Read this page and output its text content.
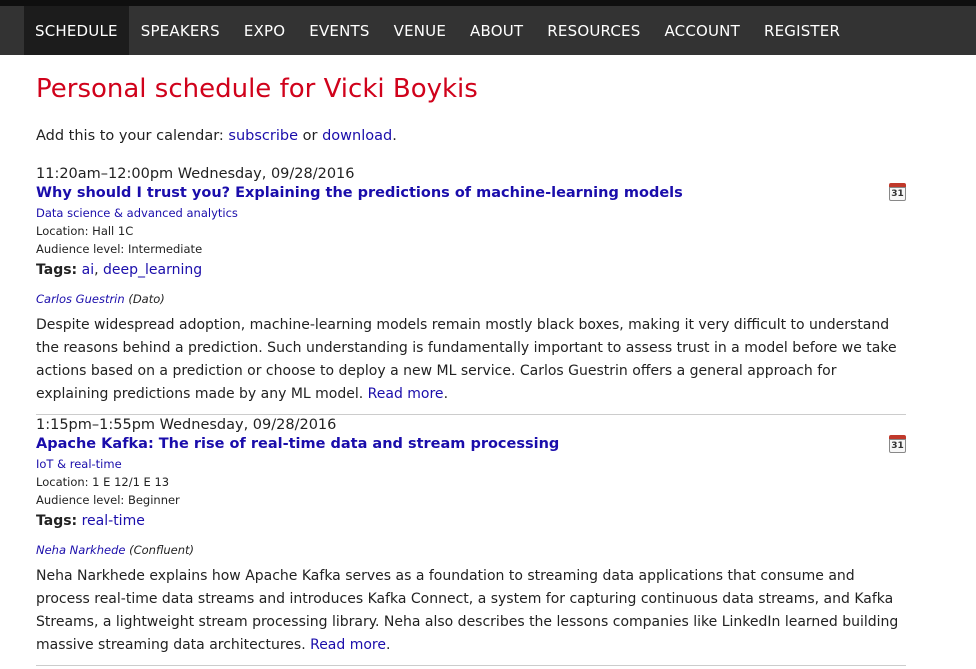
SCHEDULE	SPEAKERS	EXPO	EVENTS	VENUE	ABOUT	RESOURCES	ACCOUNT	REGISTER
Personal schedule for Vicki Boykis
Add this to your calendar: subscribe or download.
11:20am–12:00pm Wednesday, 09/28/2016
Why should I trust you? Explaining the predictions of machine-learning models
Data science & advanced analytics
Location: Hall 1C
Audience level: Intermediate
Tags: ai, deep_learning
Carlos Guestrin (Dato)
Despite widespread adoption, machine-learning models remain mostly black boxes, making it very difficult to understand the reasons behind a prediction. Such understanding is fundamentally important to assess trust in a model before we take actions based on a prediction or choose to deploy a new ML service. Carlos Guestrin offers a general approach for explaining predictions made by any ML model. Read more.
31
1:15pm–1:55pm Wednesday, 09/28/2016
Apache Kafka: The rise of real-time data and stream processing
IoT & real-time
Location: 1 E 12/1 E 13
Audience level: Beginner
Tags: real-time
Neha Narkhede (Confluent)
Neha Narkhede explains how Apache Kafka serves as a foundation to streaming data applications that consume and process real-time data streams and introduces Kafka Connect, a system for capturing continuous data streams, and Kafka Streams, a lightweight stream processing library. Neha also describes the lessons companies like LinkedIn learned building massive streaming data architectures. Read more.
31
